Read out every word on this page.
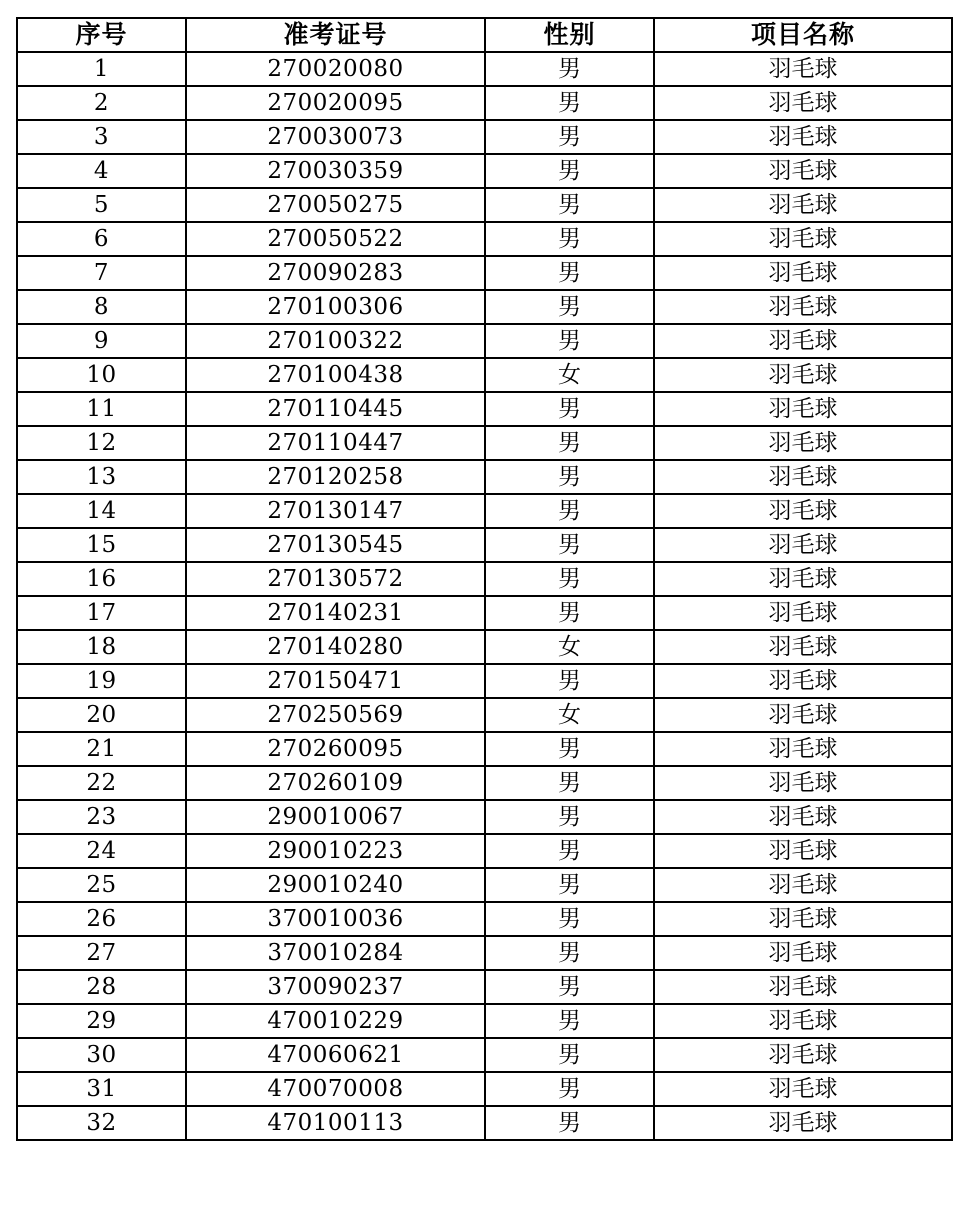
序号	准考证号	性别	项目名称
1	270020080	男	羽毛球
2	270020095	男	羽毛球
3	270030073	男	羽毛球
4	270030359	男	羽毛球
5	270050275	男	羽毛球
6	270050522	男	羽毛球
7	270090283	男	羽毛球
8	270100306	男	羽毛球
9	270100322	男	羽毛球
10	270100438	女	羽毛球
11	270110445	男	羽毛球
12	270110447	男	羽毛球
13	270120258	男	羽毛球
14	270130147	男	羽毛球
15	270130545	男	羽毛球
16	270130572	男	羽毛球
17	270140231	男	羽毛球
18	270140280	女	羽毛球
19	270150471	男	羽毛球
20	270250569	女	羽毛球
21	270260095	男	羽毛球
22	270260109	男	羽毛球
23	290010067	男	羽毛球
24	290010223	男	羽毛球
25	290010240	男	羽毛球
26	370010036	男	羽毛球
27	370010284	男	羽毛球
28	370090237	男	羽毛球
29	470010229	男	羽毛球
30	470060621	男	羽毛球
31	470070008	男	羽毛球
32	470100113	男	羽毛球
